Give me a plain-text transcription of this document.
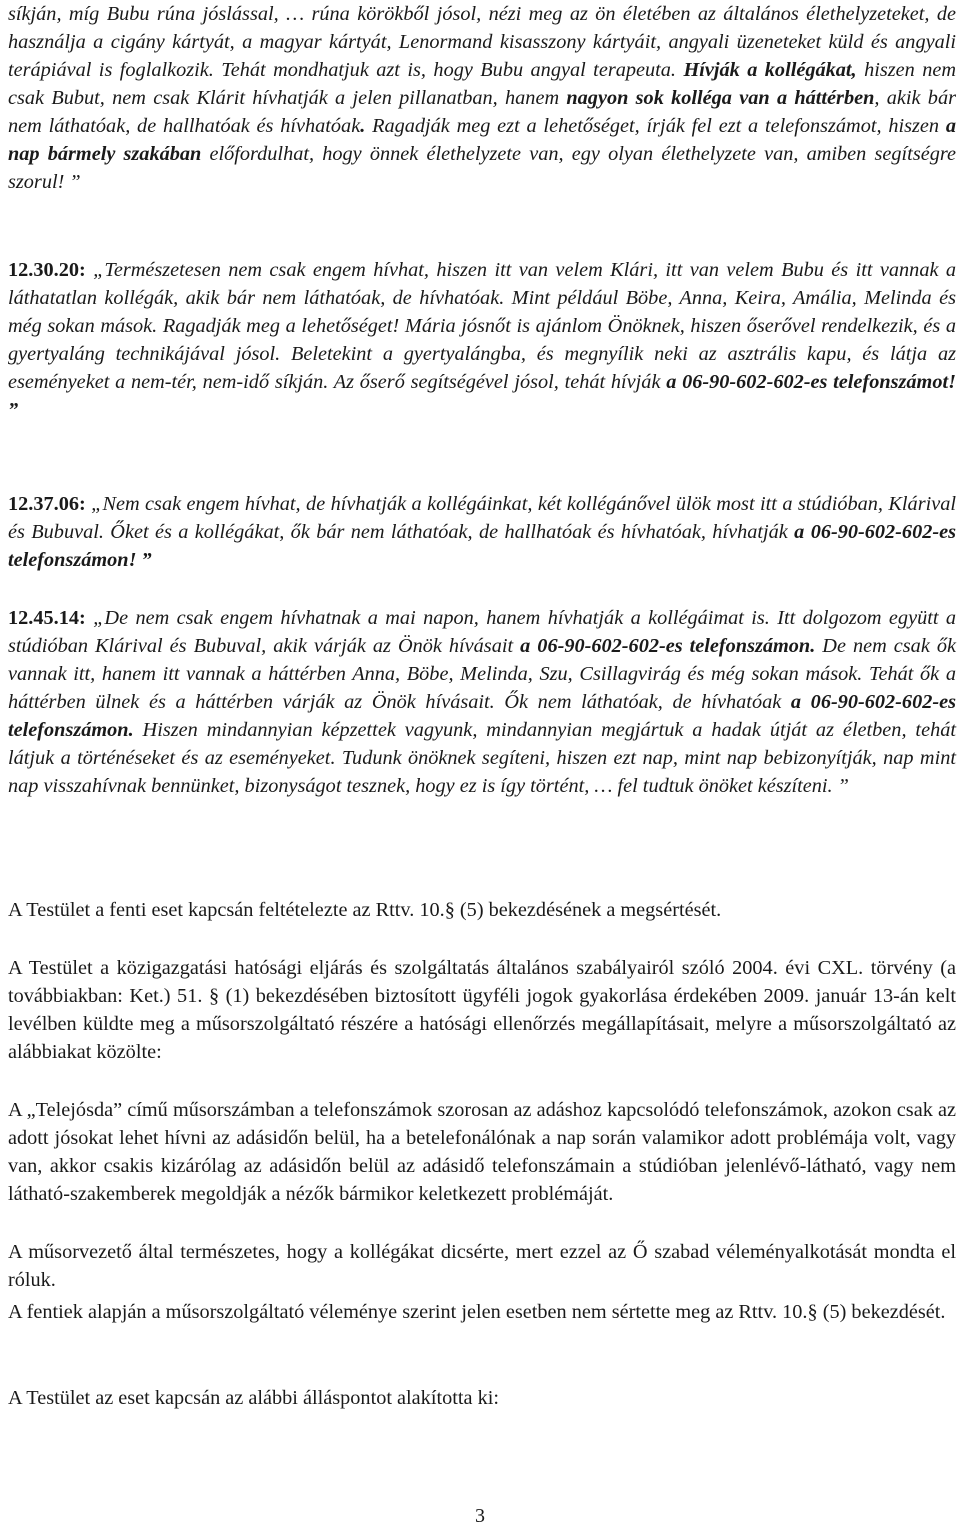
síkján, míg Bubu rúna jóslással, … rúna körökből jósol, nézi meg az ön életében az általános élethelyzeteket, de használja a cigány kártyát, a magyar kártyát, Lenormand kisasszony kártyáit, angyali üzeneteket küld és angyali terápiával is foglalkozik. Tehát mondhatjuk azt is, hogy Bubu angyal terapeuta. Hívják a kollégákat, hiszen nem csak Bubut, nem csak Klárit hívhatják a jelen pillanatban, hanem nagyon sok kolléga van a háttérben, akik bár nem láthatóak, de hallhatóak és hívhatóak. Ragadják meg ezt a lehetőséget, írják fel ezt a telefonszámot, hiszen a nap bármely szakában előfordulhat, hogy önnek élethelyzete van, egy olyan élethelyzete van, amiben segítségre szorul! ”

12.30.20: „Természetesen nem csak engem hívhat, hiszen itt van velem Klári, itt van velem Bubu és itt vannak a láthatatlan kollégák, akik bár nem láthatóak, de hívhatóak. Mint például Böbe, Anna, Keira, Amália, Melinda és még sokan mások. Ragadják meg a lehetőséget! Mária jósnőt is ajánlom Önöknek, hiszen őserővel rendelkezik, és a gyertyaláng technikájával jósol. Beletekint a gyertyalángba, és megnyílik neki az asztrális kapu, és látja az eseményeket a nem-tér, nem-idő síkján. Az őserő segítségével jósol, tehát hívják a 06-90-602-602-es telefonszámot! ”

12.37.06: „Nem csak engem hívhat, de hívhatják a kollégáinkat, két kollégánővel ülök most itt a stúdióban, Klárival és Bubuval. Őket és a kollégákat, ők bár nem láthatóak, de hallhatóak és hívhatóak, hívhatják a 06-90-602-602-es telefonszámon! ”

12.45.14: „De nem csak engem hívhatnak a mai napon, hanem hívhatják a kollégáimat is. Itt dolgozom együtt a stúdióban Klárival és Bubuval, akik várják az Önök hívásait a 06-90-602-602-es telefonszámon. De nem csak ők vannak itt, hanem itt vannak a háttérben Anna, Böbe, Melinda, Szu, Csillagvirág és még sokan mások. Tehát ők a háttérben ülnek és a háttérben várják az Önök hívásait. Ők nem láthatóak, de hívhatóak a 06-90-602-602-es telefonszámon. Hiszen mindannyian képzettek vagyunk, mindannyian megjártuk a hadak útját az életben, tehát látjuk a történéseket és az eseményeket. Tudunk önöknek segíteni, hiszen ezt nap, mint nap bebizonyítják, nap mint nap visszahívnak bennünket, bizonyságot tesznek, hogy ez is így történt, … fel tudtuk önöket készíteni. ”

A Testület a fenti eset kapcsán feltételezte az Rttv. 10.§ (5) bekezdésének a megsértését.

A Testület a közigazgatási hatósági eljárás és szolgáltatás általános szabályairól szóló 2004. évi CXL. törvény (a továbbiakban: Ket.) 51. § (1) bekezdésében biztosított ügyféli jogok gyakorlása érdekében 2009. január 13-án kelt levélben küldte meg a műsorszolgáltató részére a hatósági ellenőrzés megállapításait, melyre a műsorszolgáltató az alábbiakat közölte:

A „Telejósda” című műsorszámban a telefonszámok szorosan az adáshoz kapcsolódó telefonszámok, azokon csak az adott jósokat lehet hívni az adásidőn belül, ha a betelefonálónak a nap során valamikor adott problémája volt, vagy van, akkor csakis kizárólag az adásidőn belül az adásidő telefonszámain a stúdióban jelenlévő-látható, vagy nem látható-szakemberek megoldják a nézők bármikor keletkezett problémáját.

A műsorvezető által természetes, hogy a kollégákat dicsérte, mert ezzel az Ő szabad véleményalkotását mondta el róluk.

A fentiek alapján a műsorszolgáltató véleménye szerint jelen esetben nem sértette meg az Rttv. 10.§ (5) bekezdését.

A Testület az eset kapcsán az alábbi álláspontot alakította ki:

3
